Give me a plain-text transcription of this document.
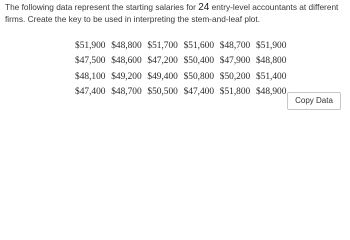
The following data represent the starting salaries for 24 entry-level accountants at different firms. Create the key to be used in interpreting the stem-and-leaf plot.
$51,900 $48,800 $51,700 $51,600 $48,700 $51,900
$47,500 $48,600 $47,200 $50,400 $47,900 $48,800
$48,100 $49,200 $49,400 $50,800 $50,200 $51,400
$47,400 $48,700 $50,500 $47,400 $51,800 $48,900
Copy Data
